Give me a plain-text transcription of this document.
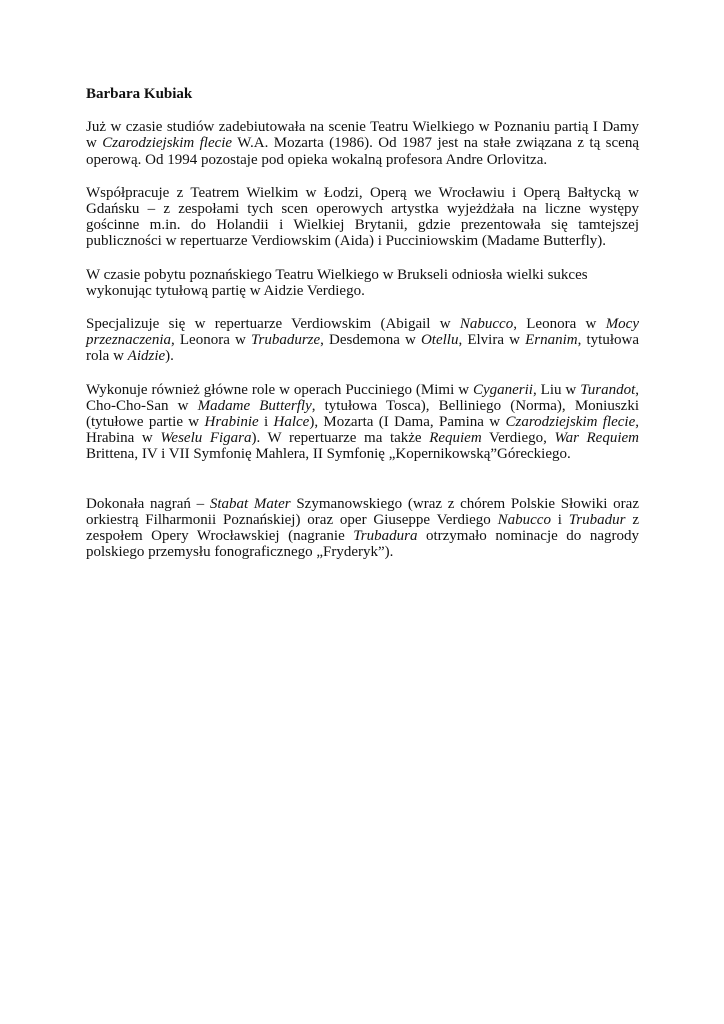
Barbara Kubiak
Już w czasie studiów zadebiutowała na scenie Teatru Wielkiego w Poznaniu partią I Damy w Czarodziejskim flecie W.A. Mozarta (1986). Od 1987 jest na stałe związana z tą sceną operową. Od 1994 pozostaje pod opieka wokalną profesora Andre Orlovitza.
Współpracuje z Teatrem Wielkim w Łodzi, Operą we Wrocławiu i Operą Bałtycką w Gdańsku – z zespołami tych scen operowych artystka wyjeżdżała na liczne występy gościnne m.in. do Holandii i Wielkiej Brytanii, gdzie prezentowała się tamtejszej publiczności w repertuarze Verdiowskim (Aida) i Pucciniowskim (Madame Butterfly).
W czasie pobytu poznańskiego Teatru Wielkiego w Brukseli odniosła wielki sukces wykonując tytułową partię w Aidzie Verdiego.
Specjalizuje się w repertuarze Verdiowskim (Abigail w Nabucco, Leonora w Mocy przeznaczenia, Leonora w Trubadurze, Desdemona w Otellu, Elvira w Ernanim, tytułowa rola w Aidzie).
Wykonuje również główne role w operach Pucciniego (Mimi w Cyganerii, Liu w Turandot, Cho-Cho-San w Madame Butterfly, tytułowa Tosca), Belliniego (Norma), Moniuszki (tytułowe partie w Hrabinie i Halce), Mozarta (I Dama, Pamina w Czarodziejskim flecie, Hrabina w Weselu Figara). W repertuarze ma także Requiem Verdiego, War Requiem Brittena, IV i VII Symfonię Mahlera, II Symfonię „Kopernikowską”Góreckiego.
Dokonała nagrań – Stabat Mater Szymanowskiego (wraz z chórem Polskie Słowiki oraz orkiestrą Filharmonii Poznańskiej) oraz oper Giuseppe Verdiego Nabucco i Trubadur z zespołem Opery Wrocławskiej (nagranie Trubadura otrzymało nominacje do nagrody polskiego przemysłu fonograficznego „Fryderyk”).
